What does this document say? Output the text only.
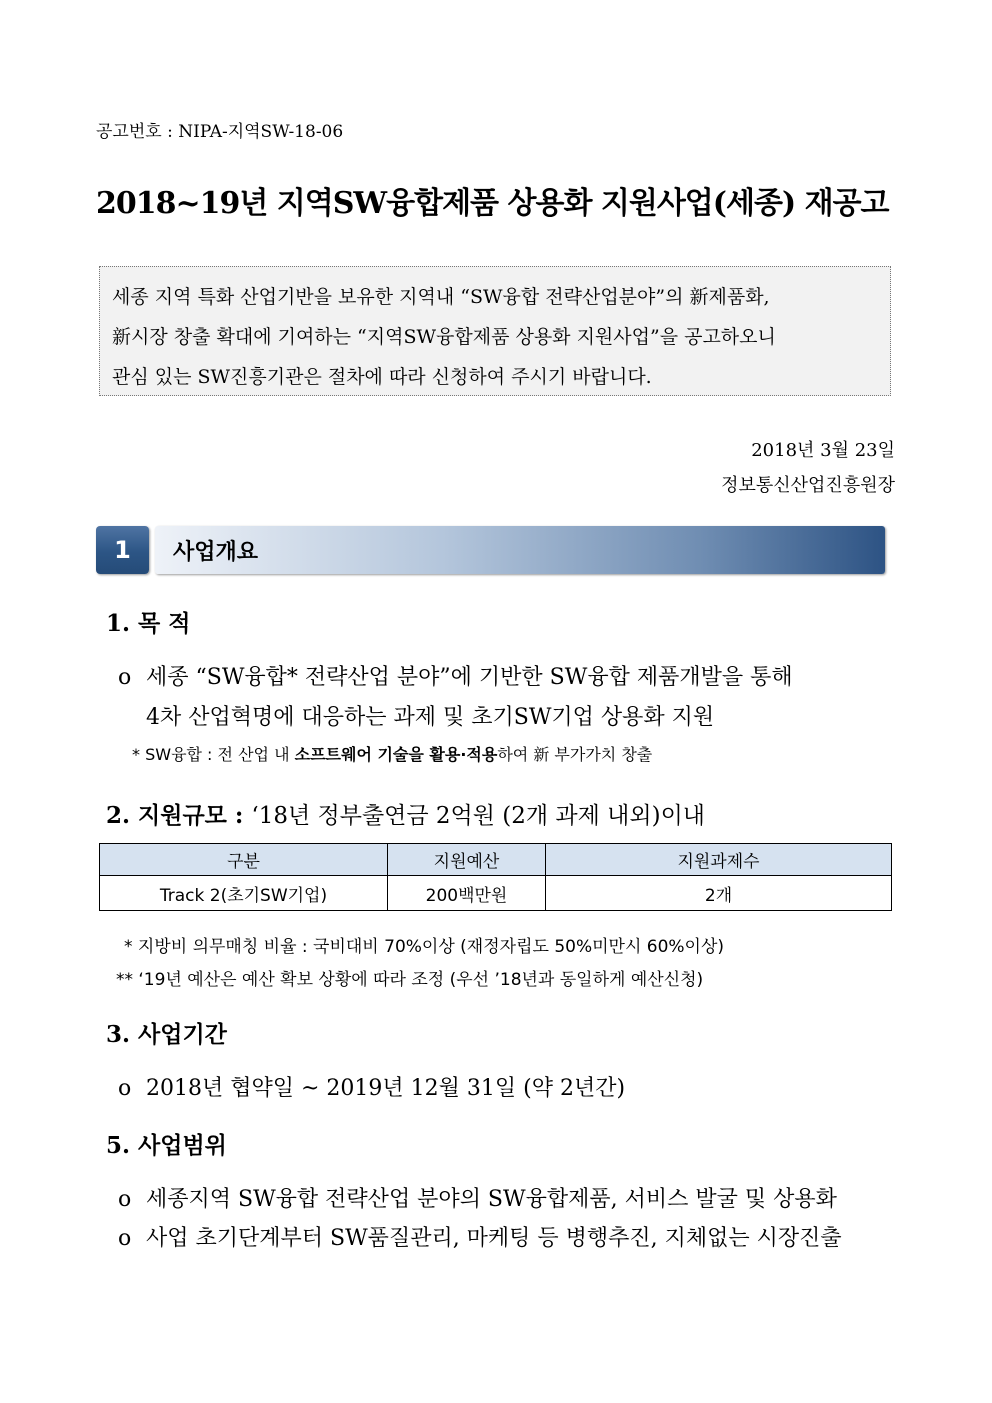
공고번호 : NIPA-지역SW-18-06
2018~19년 지역SW융합제품 상용화 지원사업(세종) 재공고

세종 지역 특화 산업기반을 보유한 지역내 “SW융합 전략산업분야”의 新제품화,

新시장 창출 확대에 기여하는 “지역SW융합제품 상용화 지원사업”을 공고하오니

관심 있는 SW진흥기관은 절차에 따라 신청하여 주시기 바랍니다.

2018년 3월 23일
정보통신산업진흥원장
1	사업개요
1. 목 적
o 세종 “SW융합* 전략산업 분야”에 기반한 SW융합 제품개발을 통해
4차 산업혁명에 대응하는 과제 및 초기SW기업 상용화 지원
* SW융합 : 전 산업 내 소프트웨어 기술을 활용·적용하여 新 부가가치 창출
2. 지원규모 : ‘18년 정부출연금 2억원 (2개 과제 내외)이내
구분	지원예산	지원과제수
Track 2(초기SW기업)	200백만원	2개
* 지방비 의무매칭 비율 : 국비대비 70%이상 (재정자립도 50%미만시 60%이상)
** ‘19년 예산은 예산 확보 상황에 따라 조정 (우선 ’18년과 동일하게 예산신청)
3. 사업기간
o 2018년 협약일 ~ 2019년 12월 31일 (약 2년간)
5. 사업범위
o 세종지역 SW융합 전략산업 분야의 SW융합제품, 서비스 발굴 및 상용화
o 사업 초기단계부터 SW품질관리, 마케팅 등 병행추진, 지체없는 시장진출
